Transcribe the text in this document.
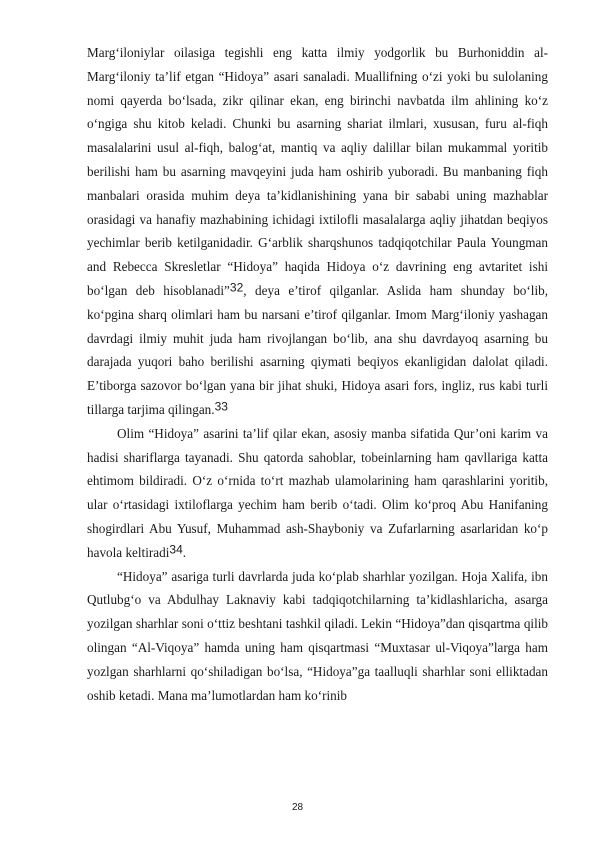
Marg‘iloniylar oilasiga tegishli eng katta ilmiy yodgorlik bu Burhoniddin al-Marg‘iloniy ta’lif etgan “Hidoya” asari sanaladi. Muallifning o‘zi yoki bu sulolaning nomi qayerda bo‘lsada, zikr qilinar ekan, eng birinchi navbatda ilm ahlining ko‘z o‘ngiga shu kitob keladi. Chunki bu asarning shariat ilmlari, xususan, furu al-fiqh masalalarini usul al-fiqh, balog‘at, mantiq va aqliy dalillar bilan mukammal yoritib berilishi ham bu asarning mavqeyini juda ham oshirib yuboradi. Bu manbaning fiqh manbalari orasida muhim deya ta’kidlanishining yana bir sababi uning mazhablar orasidagi va hanafiy mazhabining ichidagi ixtilofli masalalarga aqliy jihatdan beqiyos yechimlar berib ketilganidadir. G‘arblik sharqshunos tadqiqotchilar Paula Youngman and Rebecca Skresletlar “Hidoya” haqida Hidoya o‘z davrining eng avtaritet ishi bo‘lgan deb hisoblanadi”32, deya e’tirof qilganlar. Aslida ham shunday bo‘lib, ko‘pgina sharq olimlari ham bu narsani e’tirof qilganlar. Imom Marg‘iloniy yashagan davrdagi ilmiy muhit juda ham rivojlangan bo‘lib, ana shu davrdayoq asarning bu darajada yuqori baho berilishi asarning qiymati beqiyos ekanligidan dalolat qiladi. E’tiborga sazovor bo‘lgan yana bir jihat shuki, Hidoya asari fors, ingliz, rus kabi turli tillarga tarjima qilingan.33

Olim “Hidoya” asarini ta’lif qilar ekan, asosiy manba sifatida Qur’oni karim va hadisi shariflarga tayanadi. Shu qatorda sahoblar, tobeinlarning ham qavllariga katta ehtimom bildiradi. O‘z o‘rnida to‘rt mazhab ulamolarining ham qarashlarini yoritib, ular o‘rtasidagi ixtiloflarga yechim ham berib o‘tadi. Olim ko‘proq Abu Hanifaning shogirdlari Abu Yusuf, Muhammad ash-Shayboniy va Zufarlarning asarlaridan ko‘p havola keltiradi34.

“Hidoya” asariga turli davrlarda juda ko‘plab sharhlar yozilgan. Hoja Xalifa, ibn Qutlubg‘o va Abdulhay Laknaviy kabi tadqiqotchilarning ta’kidlashlaricha, asarga yozilgan sharhlar soni o‘ttiz beshtani tashkil qiladi. Lekin “Hidoya”dan qisqartma qilib olingan “Al-Viqoya” hamda uning ham qisqartmasi “Muxtasar ul-Viqoya”larga ham yozlgan sharhlarni qo‘shiladigan bo‘lsa, “Hidoya”ga taalluqli sharhlar soni elliktadan oshib ketadi. Mana ma’lumotlardan ham ko‘rinib

28
